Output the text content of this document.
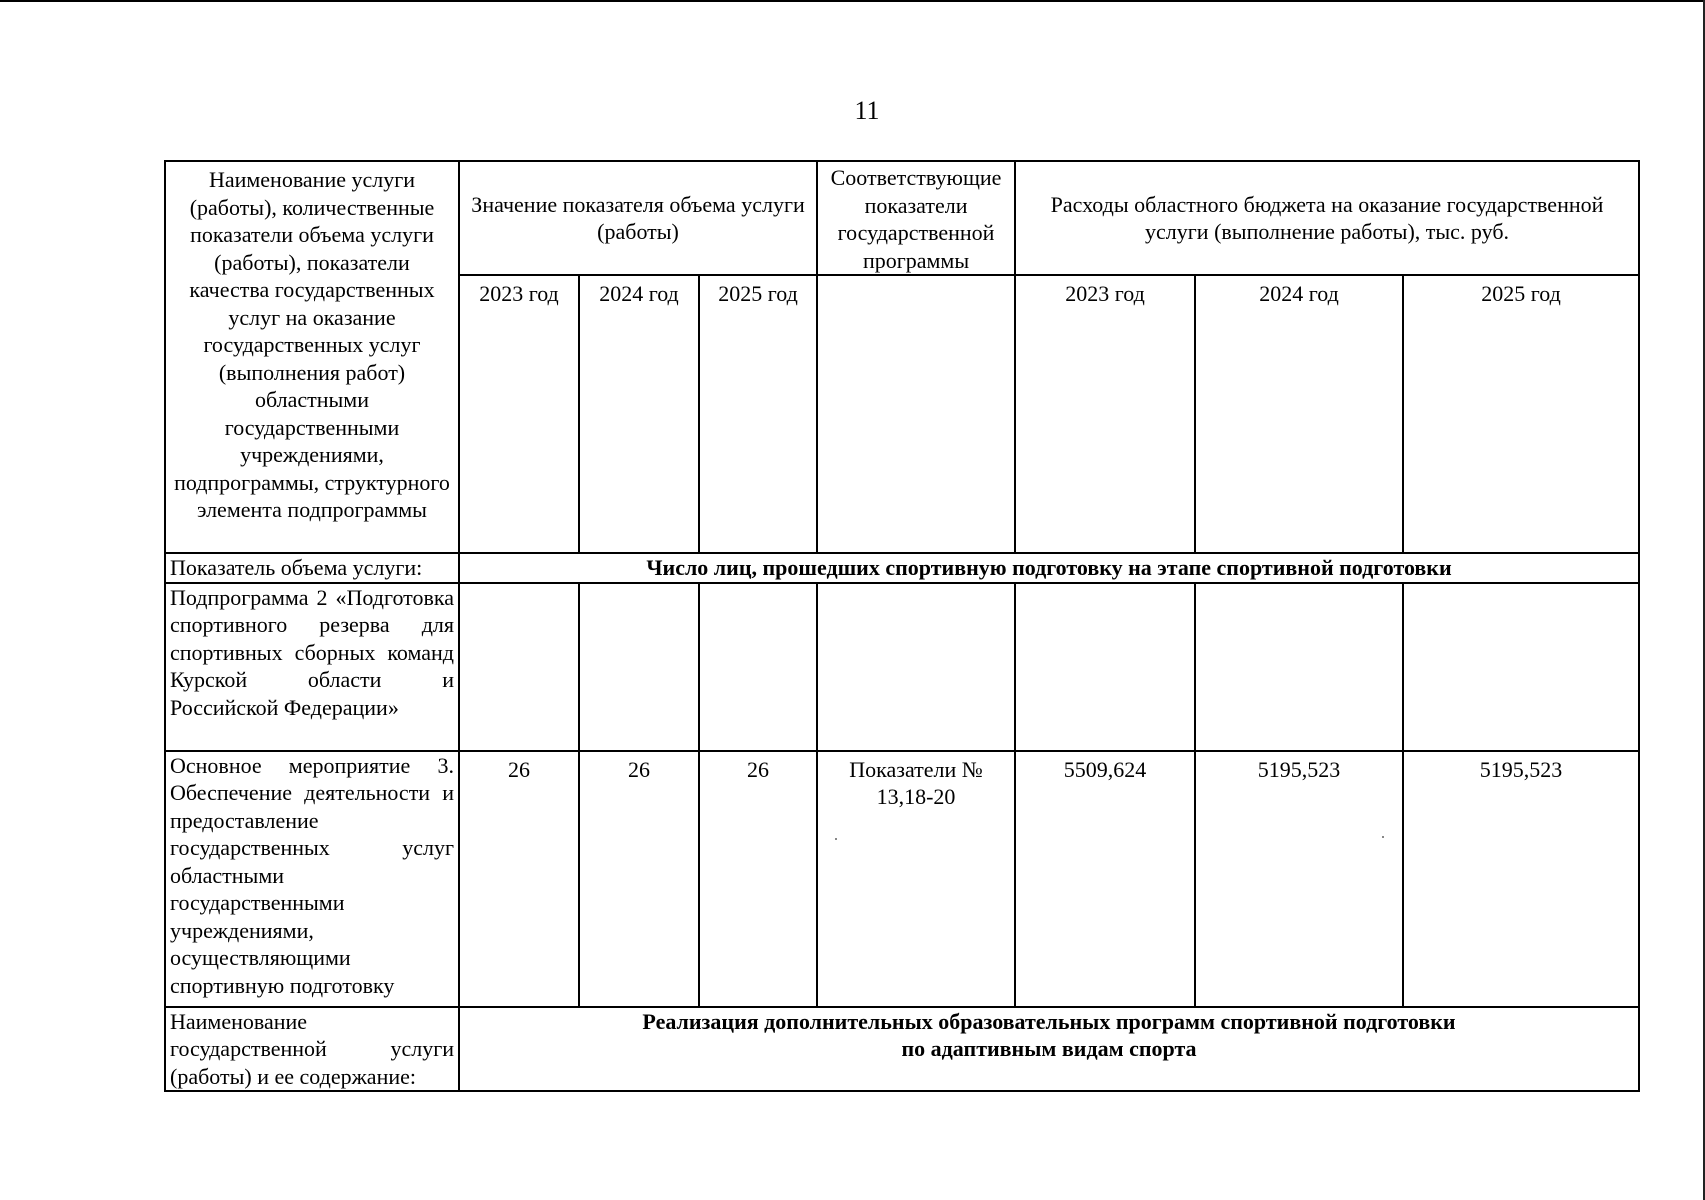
11
Наименование услуги (работы), количественные показатели объема услуги (работы), показатели качества государственных услуг на оказание государственных услуг (выполнения работ) областными государственными учреждениями, подпрограммы, структурного элемента подпрограммы	Значение показателя объема услуги (работы)			Соответствующие показатели государственной программы	Расходы областного бюджета на оказание государственной услуги (выполнение работы), тыс. руб.		
	2023 год	2024 год	2025 год		2023 год	2024 год	2025 год
Показатель объема услуги:	Число лиц, прошедших спортивную подготовку на этапе спортивной подготовки						
Подпрограмма 2 «Подготовка спортивного резерва для спортивных сборных команд Курской области и Российской Федерации»							
Основное мероприятие 3. Обеспечение деятельности и предоставление государственных услуг областными государственными учреждениями, осуществляющими спортивную подготовку	26	26	26	Показатели № 13,18-20	5509,624	5195,523	5195,523
Наименование государственной услуги (работы) и ее содержание:	Реализация дополнительных образовательных программ спортивной подготовки
по адаптивным видам спорта						
